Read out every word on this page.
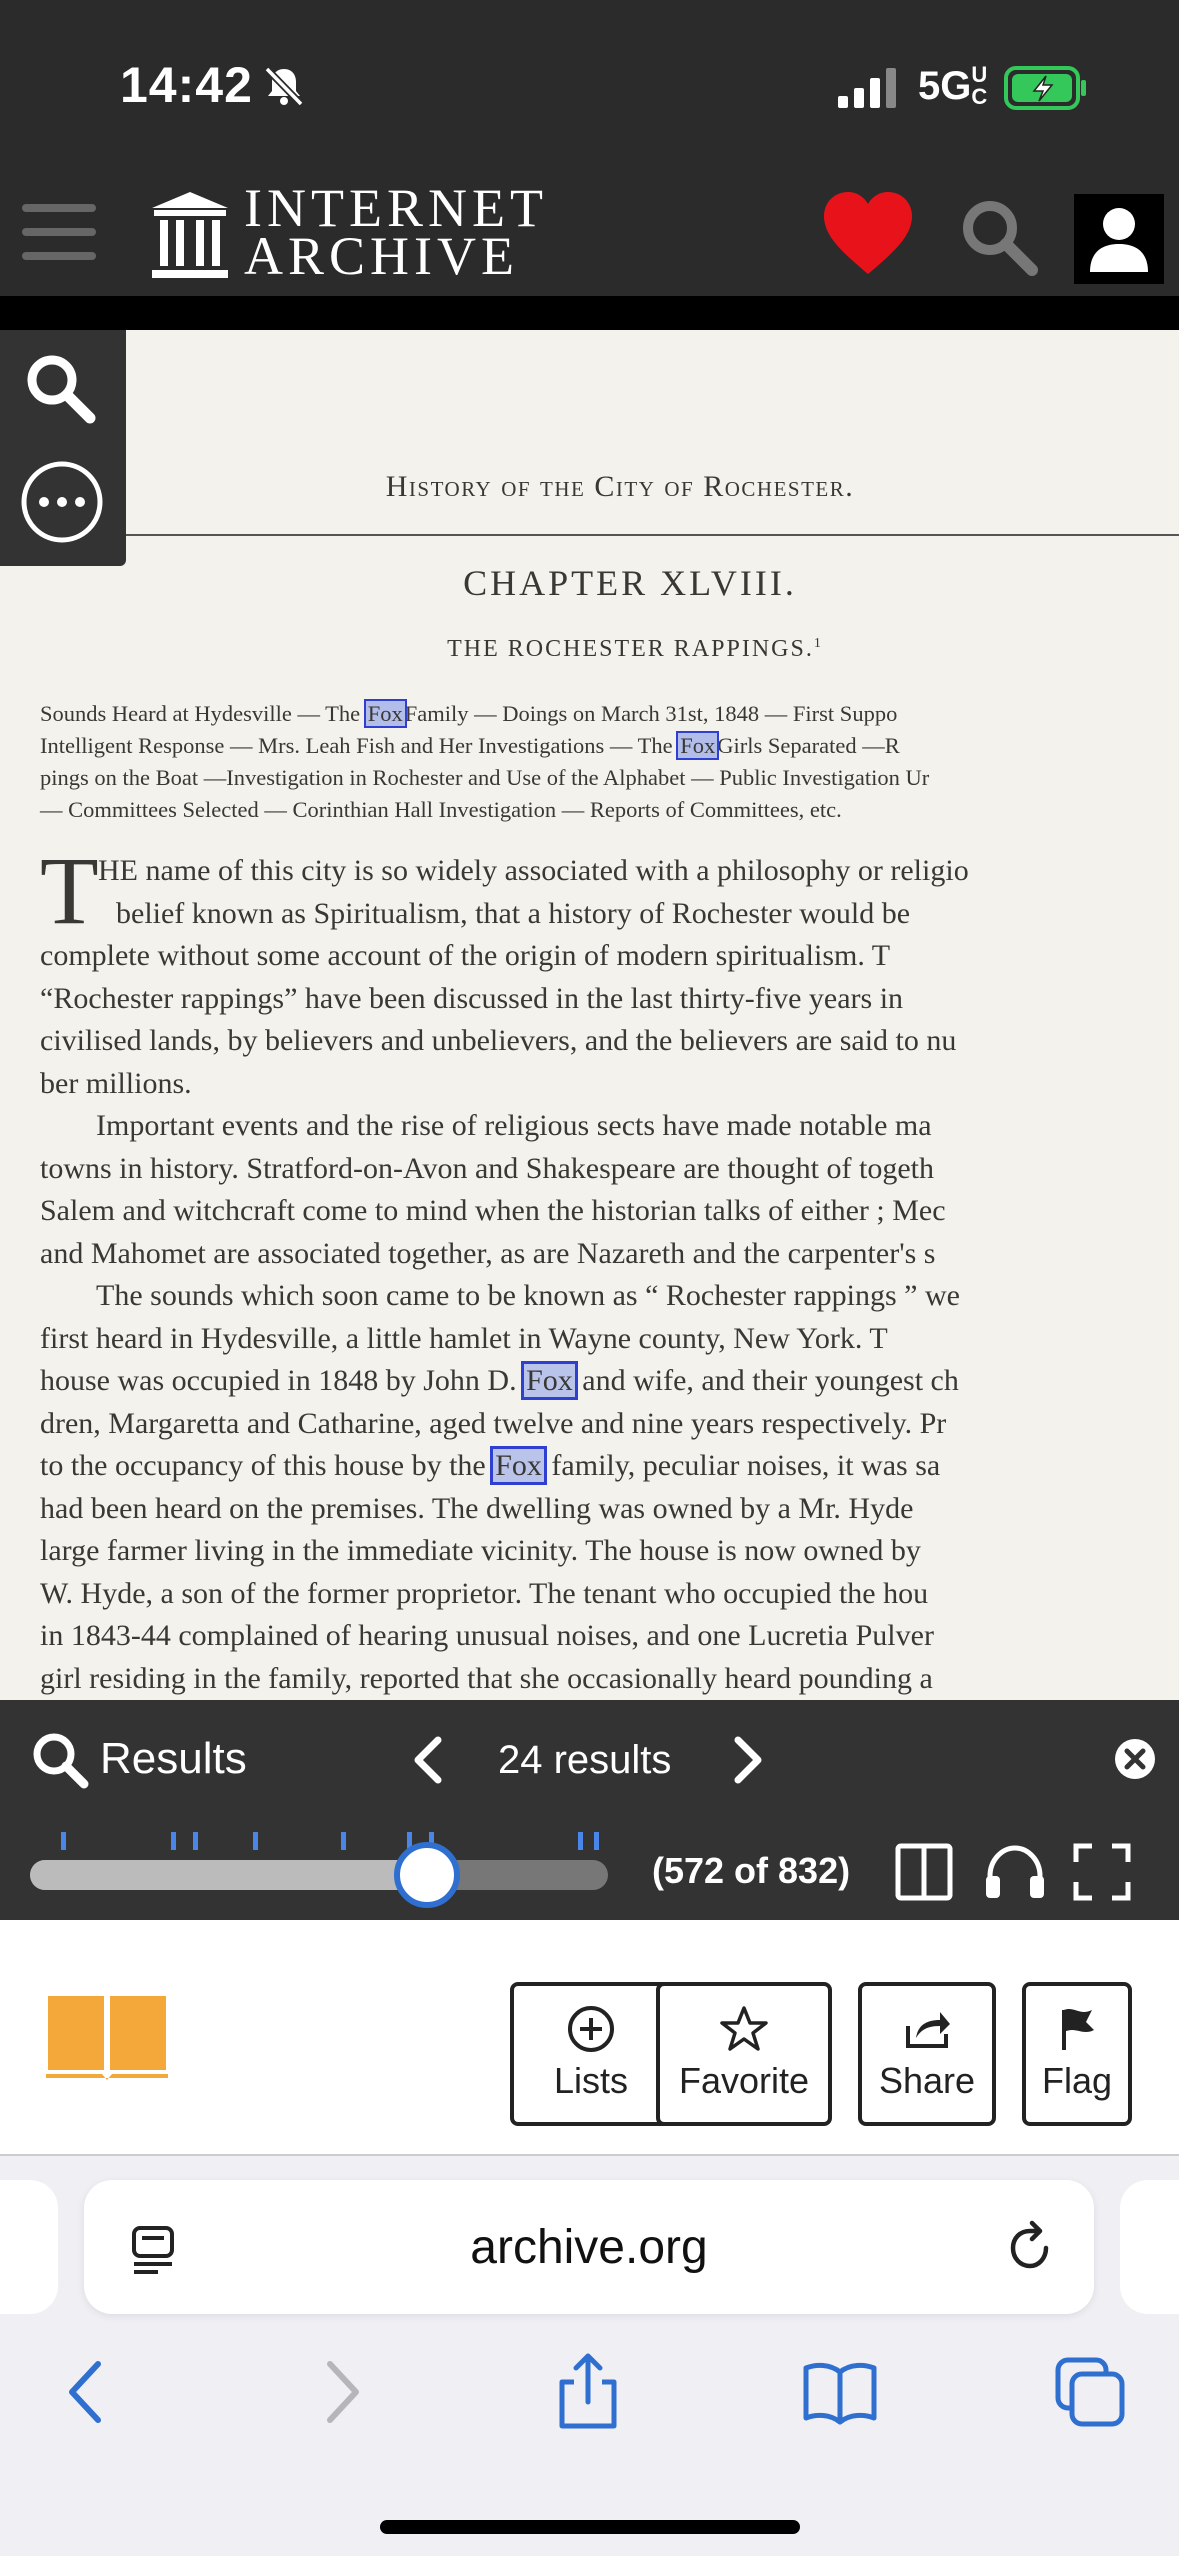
14:42	5GUC
INTERNET
ARCHIVE
History of the City of Rochester.
CHAPTER XLVIII.
THE ROCHESTER RAPPINGS.$^1$
Sounds Heard at Hydesville — The FoxFamily — Doings on March 31st, 1848 — First Suppo
Intelligent Response — Mrs. Leah Fish and Her Investigations — The FoxGirls Separated —R
pings on the Boat —Investigation in Rochester and Use of the Alphabet — Public Investigation Ur
— Committees Selected — Corinthian Hall Investigation — Reports of Committees, etc.
T HE name of this city is so widely associated with a philosophy or religio
belief known as Spiritualism, that a history of Rochester would be
complete without some account of the origin of modern spiritualism. T
“Rochester rappings” have been discussed in the last thirty-five years in
civilised lands, by believers and unbelievers, and the believers are said to nu
ber millions.
Important events and the rise of religious sects have made notable ma
towns in history. Stratford-on-Avon and Shakespeare are thought of togeth
Salem and witchcraft come to mind when the historian talks of either ; Mec
and Mahomet are associated together, as are Nazareth and the carpenter's s
The sounds which soon came to be known as “ Rochester rappings ” we
first heard in Hydesville, a little hamlet in Wayne county, New York. T
house was occupied in 1848 by John D. Fox and wife, and their youngest ch
dren, Margaretta and Catharine, aged twelve and nine years respectively. Pr
to the occupancy of this house by the Fox family, peculiar noises, it was sa
had been heard on the premises. The dwelling was owned by a Mr. Hyde
large farmer living in the immediate vicinity. The house is now owned by
W. Hyde, a son of the former proprietor. The tenant who occupied the hou
in 1843-44 complained of hearing unusual noises, and one Lucretia Pulver
girl residing in the family, reported that she occasionally heard pounding a
Results	24 results
(572 of 832)
Lists	Favorite	Share	Flag
archive.org
